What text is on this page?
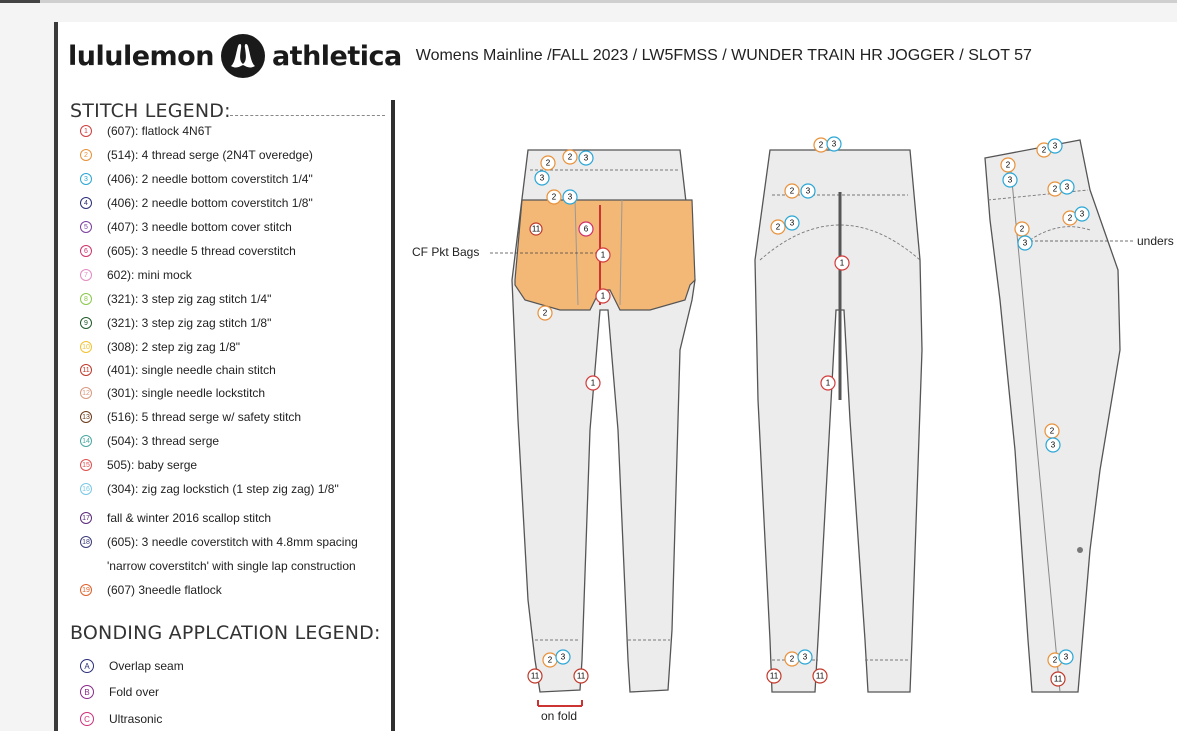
lululemon athletica Womens Mainline /FALL 2023 / LW5FMSS / WUNDER TRAIN HR JOGGER / SLOT 57
STITCH LEGEND:
1	(607): flatlock 4N6T
2	(514): 4 thread serge (2N4T overedge)
3	(406): 2 needle bottom coverstitch 1/4"
4	(406): 2 needle bottom coverstitch 1/8"
5	(407): 3 needle bottom cover stitch
6	(605): 3 needle 5 thread coverstitch
7	602): mini mock
8	(321): 3 step zig zag stitch 1/4"
9	(321): 3 step zig zag stitch 1/8"
10 (308): 2 step zig zag 1/8"
11 (401): single needle chain stitch
12 (301): single needle lockstitch
13 (516): 5 thread serge w/ safety stitch
14 (504): 3 thread serge
15 505): baby serge
16 (304): zig zag lockstich (1 step zig zag) 1/8"
17 fall & winter 2016 scallop stitch
18 (605): 3 needle coverstitch with 4.8mm spacing
'narrow coverstitch' with single lap construction
19 (607) 3needle flatlock
BONDING APPLCATION LEGEND:
A	Overlap seam
B	Fold over
C	Ultrasonic
2
2 3
3
2 3
11	6
1
1
2
1
2 3
11	11
2 3
2 3
2 3
1
1
2 3
11	11
2 3
2
3
2 3
2 3
2
3
2
3
2 3
11
CF Pkt Bags
unders
on fold
